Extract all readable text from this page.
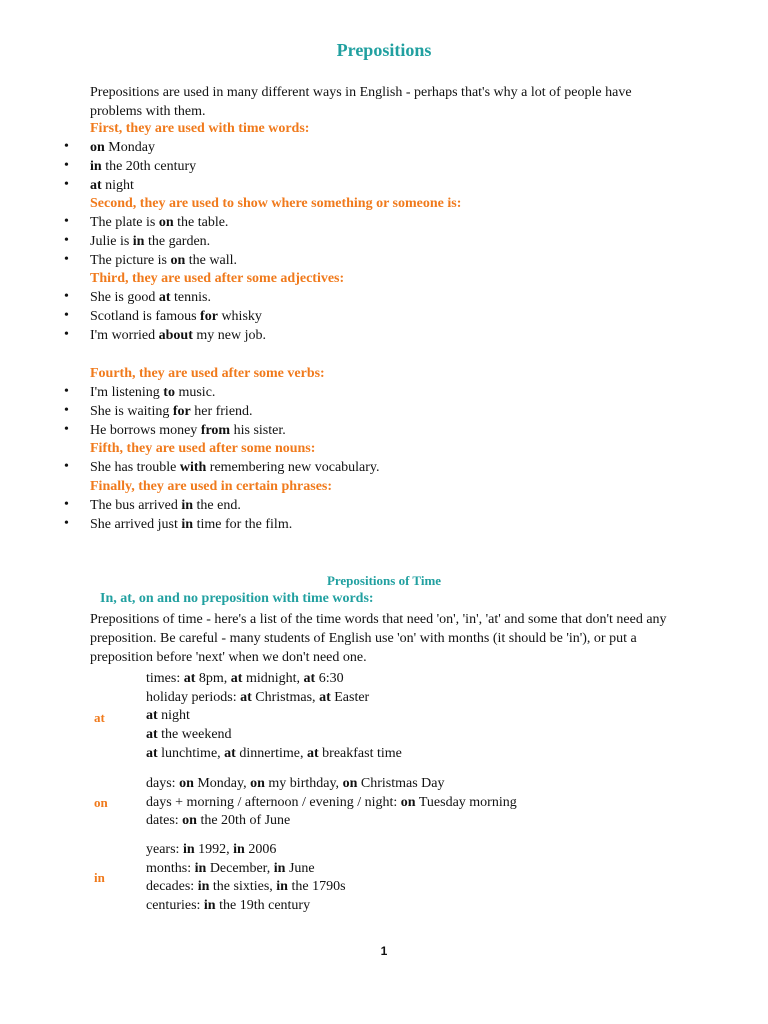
Prepositions
Prepositions are used in many different ways in English - perhaps that's why a lot of people have problems with them.
First, they are used with time words:
• on Monday
• in the 20th century
• at night
Second, they are used to show where something or someone is:
• The plate is on the table.
• Julie is in the garden.
• The picture is on the wall.
Third, they are used after some adjectives:
• She is good at tennis.
• Scotland is famous for whisky
• I'm worried about my new job.
Fourth, they are used after some verbs:
• I'm listening to music.
• She is waiting for her friend.
• He borrows money from his sister.
Fifth, they are used after some nouns:
• She has trouble with remembering new vocabulary.
Finally, they are used in certain phrases:
• The bus arrived in the end.
• She arrived just in time for the film.
Prepositions of Time
In, at, on and no preposition with time words:
Prepositions of time - here's a list of the time words that need 'on', 'in', 'at' and some that don't need any preposition. Be careful - many students of English use 'on' with months (it should be 'in'), or put a preposition before 'next' when we don't need one.
at
times: at 8pm, at midnight, at 6:30
holiday periods: at Christmas, at Easter
at night
at the weekend
at lunchtime, at dinnertime, at breakfast time
on
days: on Monday, on my birthday, on Christmas Day
days + morning / afternoon / evening / night: on Tuesday morning
dates: on the 20th of June
in
years: in 1992, in 2006
months: in December, in June
decades: in the sixties, in the 1790s
centuries: in the 19th century
1
